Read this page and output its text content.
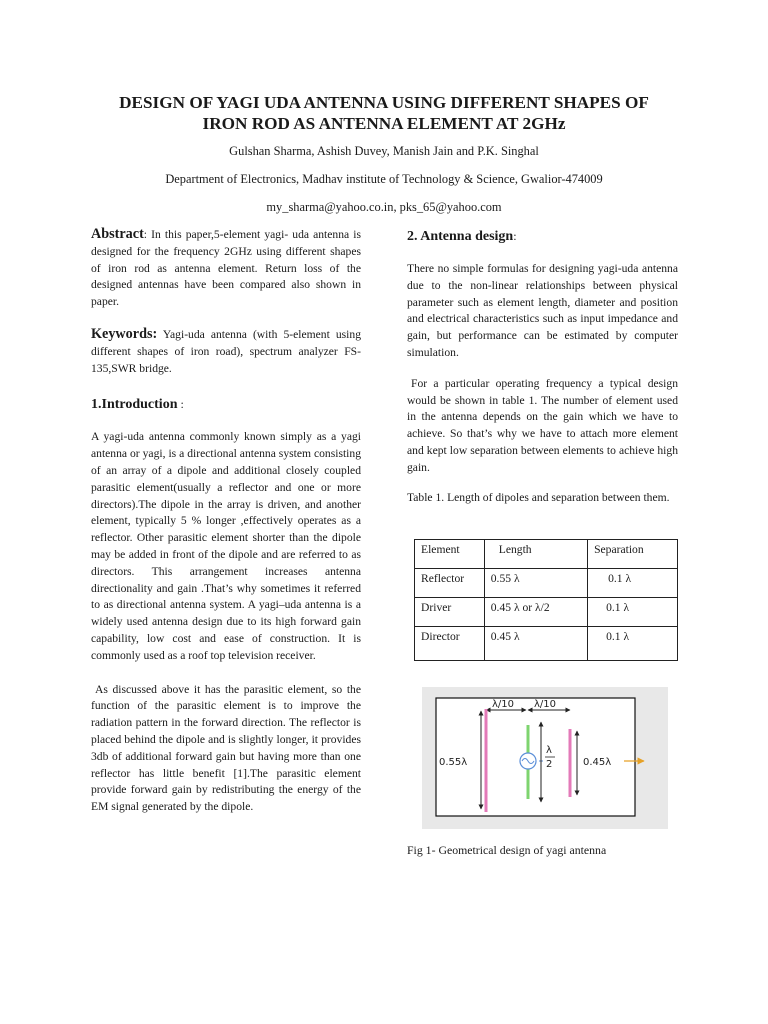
DESIGN OF YAGI UDA ANTENNA USING DIFFERENT SHAPES OF
IRON ROD AS ANTENNA ELEMENT AT 2GHz
Gulshan Sharma, Ashish Duvey, Manish Jain and P.K. Singhal
Department of Electronics, Madhav institute of Technology & Science, Gwalior-474009
my_sharma@yahoo.co.in, pks_65@yahoo.com

Abstract: In this paper,5-element yagi- uda antenna is designed for the frequency 2GHz using different shapes of iron rod as antenna element. Return loss of the designed antennas have been compared also shown in paper.

Keywords: Yagi-uda antenna (with 5-element using different shapes of iron road), spectrum analyzer FS-135,SWR bridge.

1.Introduction :

A yagi-uda antenna commonly known simply as a yagi antenna or yagi, is a directional antenna system consisting of an array of a dipole and additional closely coupled parasitic element(usually a reflector and one or more directors).The dipole in the array is driven, and another element, typically 5 % longer ,effectively operates as a reflector. Other parasitic element shorter than the dipole may be added in front of the dipole and are referred to as directors. This arrangement increases antenna directionality and gain .That’s why sometimes it referred to as directional antenna system. A yagi–uda antenna is a widely used antenna design due to its high forward gain capability, low cost and ease of construction. It is commonly used as a roof top television receiver.

As discussed above it has the parasitic element, so the function of the parasitic element is to improve the radiation pattern in the forward direction. The reflector is placed behind the dipole and is slightly longer, it provides 3db of additional forward gain but having more than one reflector has little benefit [1].The parasitic element provide forward gain by redistributing the energy of the EM signal generated by the dipole.

2. Antenna design:

There no simple formulas for designing yagi-uda antenna due to the non-linear relationships between physical parameter such as element length, diameter and position and electrical characteristics such as input impedance and gain, but performance can be estimated by computer simulation.

For a particular operating frequency a typical design would be shown in table 1. The number of element used in the antenna depends on the gain which we have to achieve. So that’s why we have to attach more element and kept low separation between elements to achieve high gain.

Table 1. Length of dipoles and separation between them.

Element	Length	Separation
Reflector	0.55 λ	0.1 λ
Driver	0.45 λ or λ/2	0.1 λ
Director	0.45 λ	0.1 λ
λ/10 λ/10
0.55λ
λ
2	0.45λ
Fig 1- Geometrical design of yagi antenna
